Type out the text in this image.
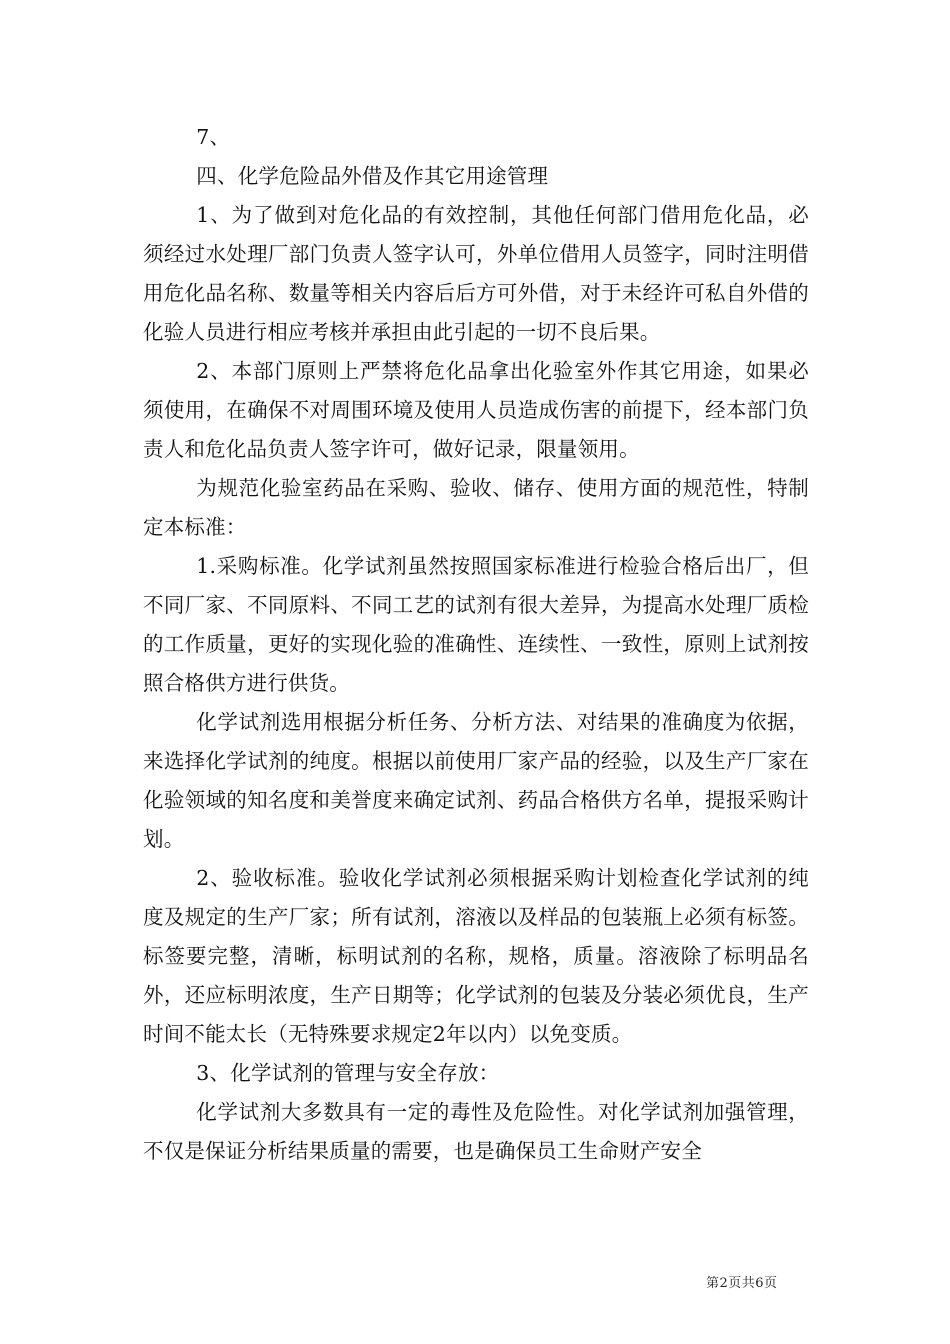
7、

四、化学危险品外借及作其它用途管理

1、为了做到对危化品的有效控制，其他任何部门借用危化品，必须经过水处理厂部门负责人签字认可，外单位借用人员签字，同时注明借用危化品名称、数量等相关内容后后方可外借，对于未经许可私自外借的化验人员进行相应考核并承担由此引起的一切不良后果。

2、本部门原则上严禁将危化品拿出化验室外作其它用途，如果必须使用，在确保不对周围环境及使用人员造成伤害的前提下，经本部门负责人和危化品负责人签字许可，做好记录，限量领用。

为规范化验室药品在采购、验收、储存、使用方面的规范性，特制定本标准：

1.采购标准。化学试剂虽然按照国家标准进行检验合格后出厂，但不同厂家、不同原料、不同工艺的试剂有很大差异，为提高水处理厂质检的工作质量，更好的实现化验的准确性、连续性、一致性，原则上试剂按照合格供方进行供货。

化学试剂选用根据分析任务、分析方法、对结果的准确度为依据，来选择化学试剂的纯度。根据以前使用厂家产品的经验，以及生产厂家在化验领域的知名度和美誉度来确定试剂、药品合格供方名单，提报采购计划。

2、验收标准。验收化学试剂必须根据采购计划检查化学试剂的纯度及规定的生产厂家；所有试剂，溶液以及样品的包装瓶上必须有标签。标签要完整，清晰，标明试剂的名称，规格，质量。溶液除了标明品名外，还应标明浓度，生产日期等；化学试剂的包装及分装必须优良，生产时间不能太长（无特殊要求规定2年以内）以免变质。

3、化学试剂的管理与安全存放：

化学试剂大多数具有一定的毒性及危险性。对化学试剂加强管理，不仅是保证分析结果质量的需要，也是确保员工生命财产安全

第2页共6页
